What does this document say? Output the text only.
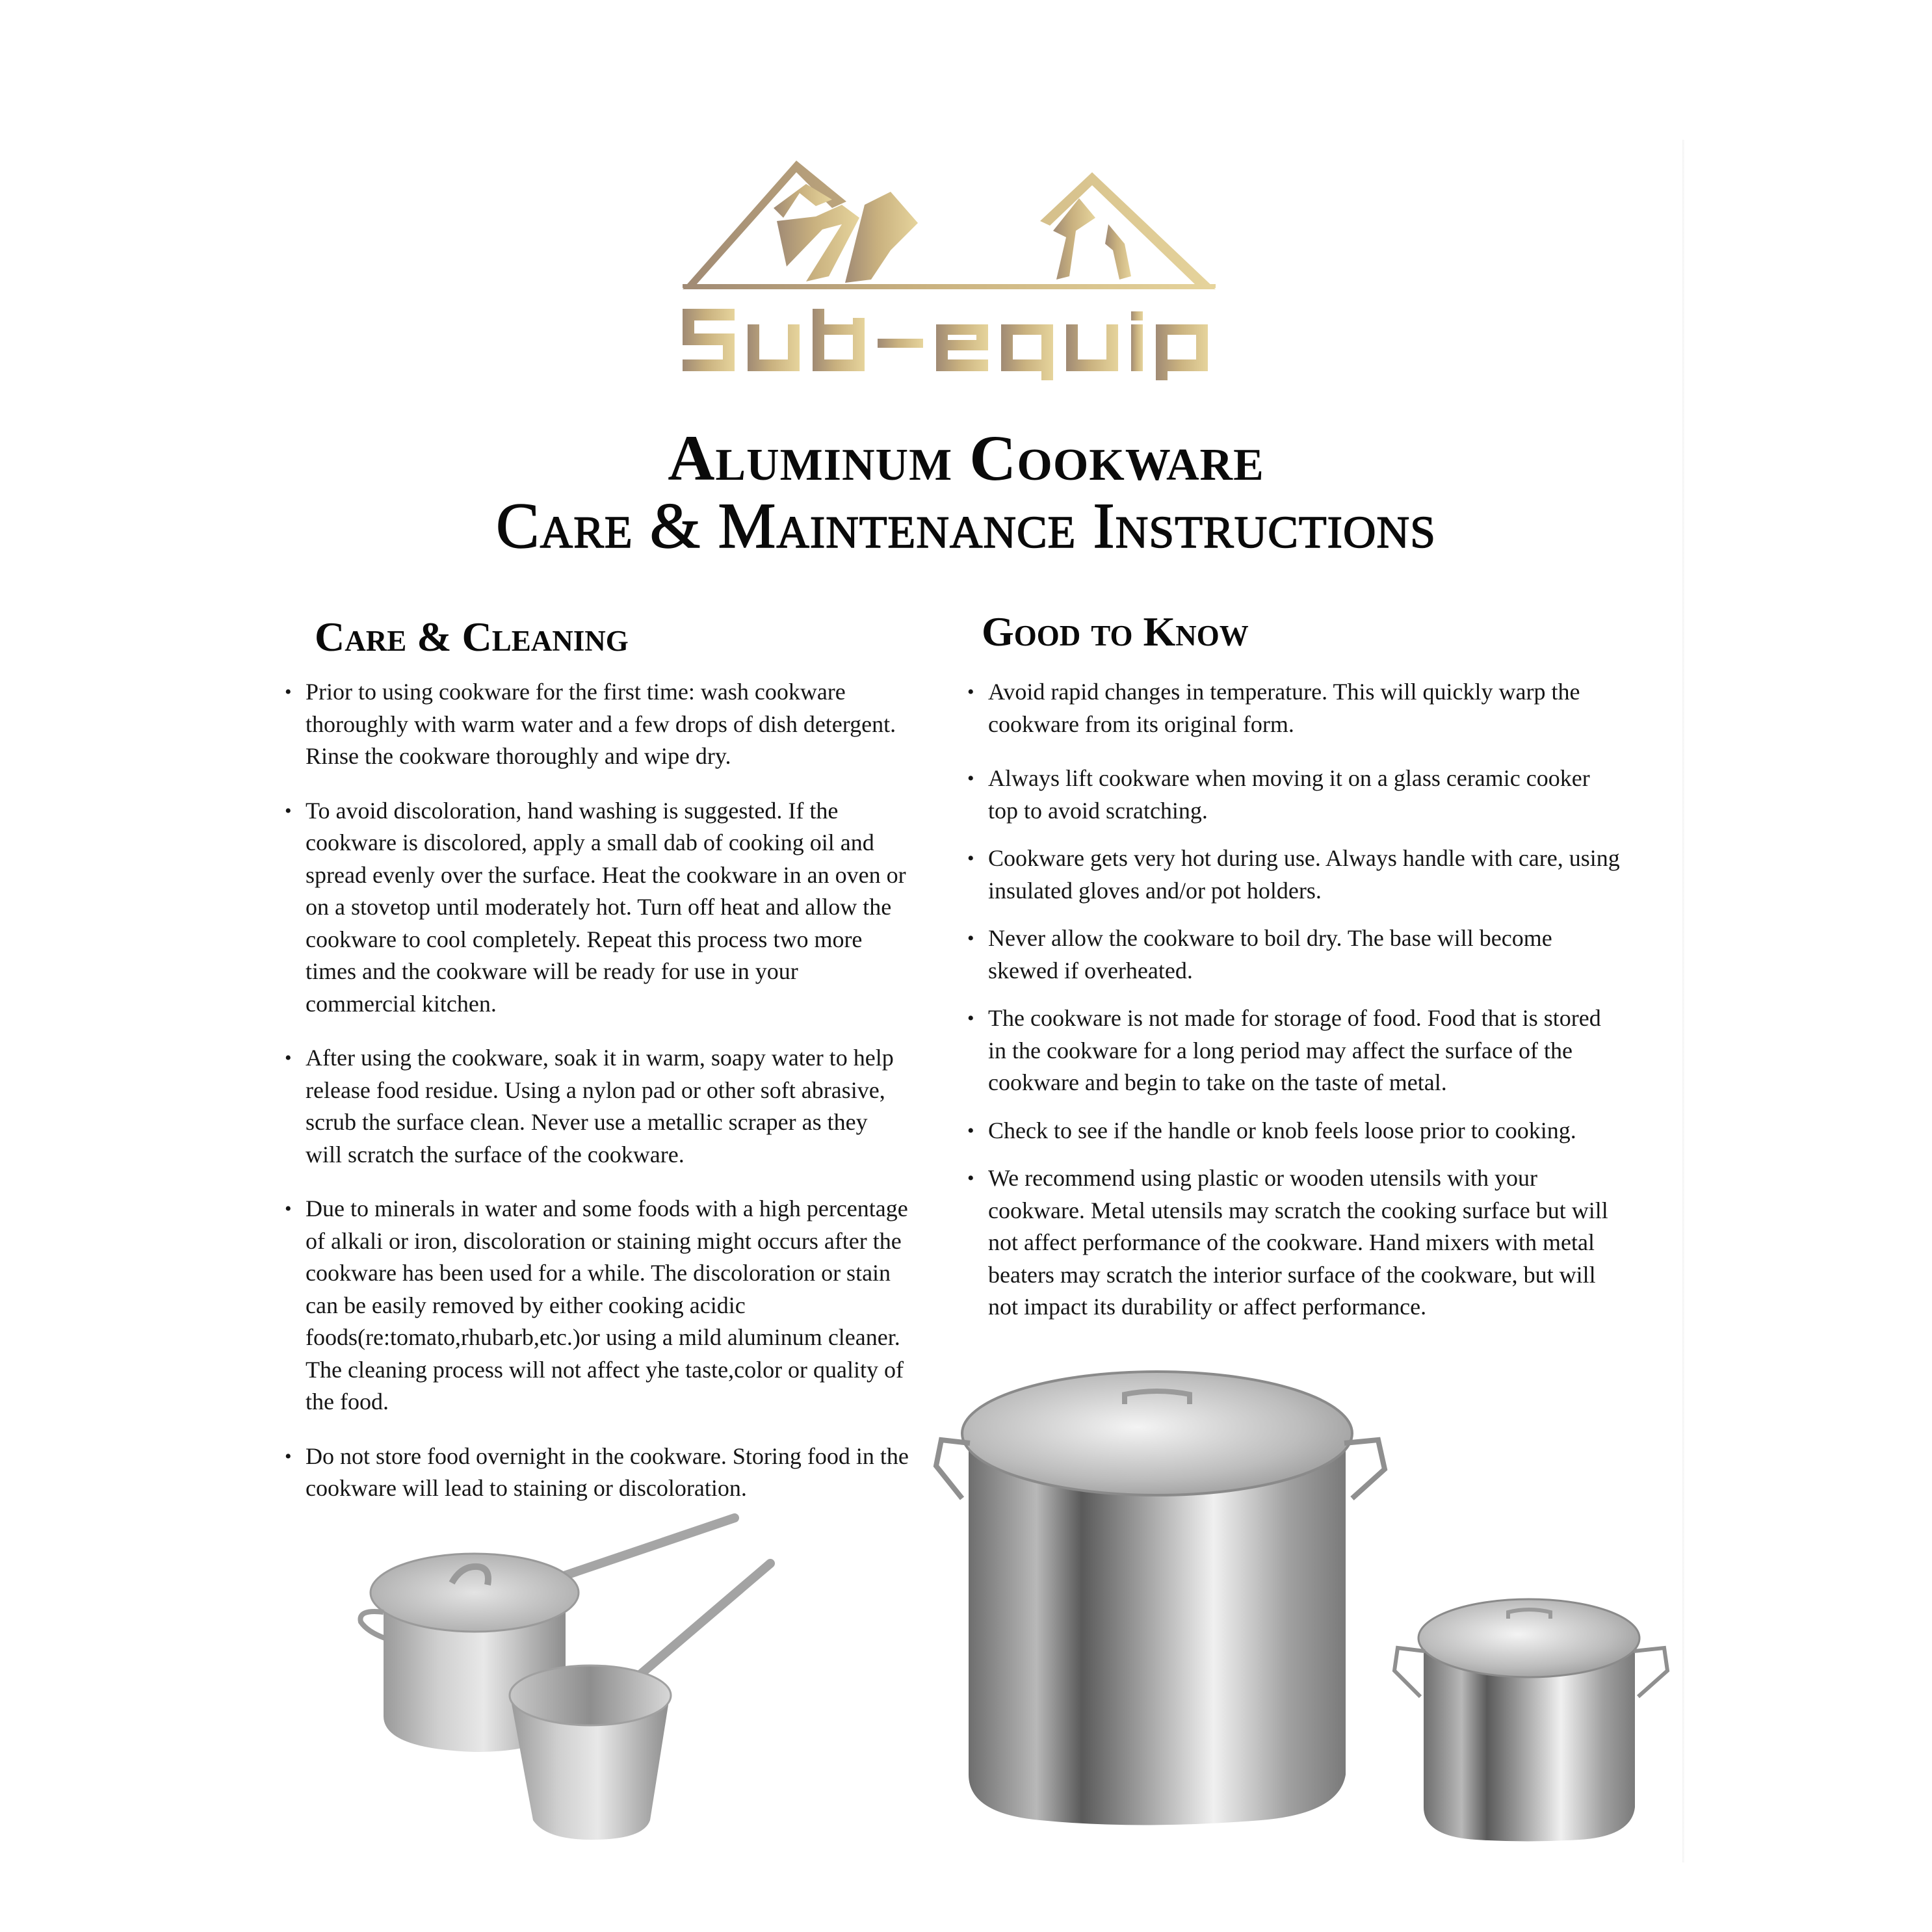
Aluminum Cookware
Care & Maintenance Instructions
Care & Cleaning
• Prior to using cookware for the first time: wash cookware thoroughly with warm water and a few drops of dish detergent. Rinse the cookware thoroughly and wipe dry.
• To avoid discoloration, hand washing is suggested. If the cookware is discolored, apply a small dab of cooking oil and spread evenly over the surface. Heat the cookware in an oven or on a stovetop until moderately hot. Turn off heat and allow the cookware to cool completely. Repeat this process two more times and the cookware will be ready for use in your commercial kitchen.
• After using the cookware, soak it in warm, soapy water to help release food residue. Using a nylon pad or other soft abrasive, scrub the surface clean. Never use a metallic scraper as they will scratch the surface of the cookware.
• Due to minerals in water and some foods with a high percentage of alkali or iron, discoloration or staining might occurs after the cookware has been used for a while. The discoloration or stain can be easily removed by either cooking acidic foods(re:tomato,rhubarb,etc.)or using a mild aluminum cleaner. The cleaning process will not affect yhe taste,color or quality of the food.
• Do not store food overnight in the cookware. Storing food in the cookware will lead to staining or discoloration.
Good to Know
• Avoid rapid changes in temperature. This will quickly warp the cookware from its original form.
• Always lift cookware when moving it on a glass ceramic cooker top to avoid scratching.
• Cookware gets very hot during use. Always handle with care, using insulated gloves and/or pot holders.
• Never allow the cookware to boil dry. The base will become skewed if overheated.
• The cookware is not made for storage of food. Food that is stored in the cookware for a long period may affect the surface of the cookware and begin to take on the taste of metal.
• Check to see if the handle or knob feels loose prior to cooking.
• We recommend using plastic or wooden utensils with your cookware. Metal utensils may scratch the cooking surface but will not affect performance of the cookware. Hand mixers with metal beaters may scratch the interior surface of the cookware, but will not impact its durability or affect performance.
